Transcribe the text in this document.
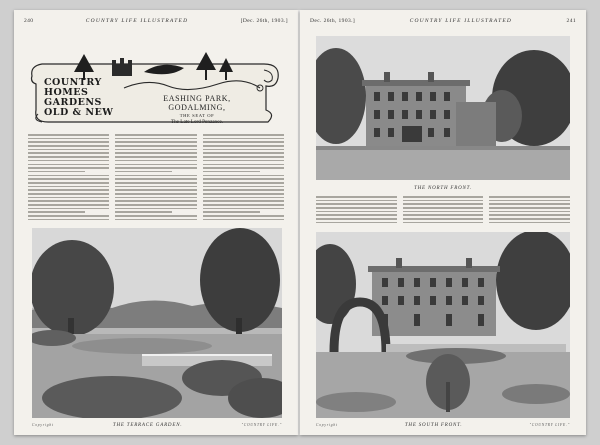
240	COUNTRY LIFE ILLUSTRATED	[Dec. 26th, 1903.]
COUNTRY
HOMES
GARDENS
OLD & NEW
EASHING PARK,
GODALMING,
THE SEAT OF
The Late Lord Penzance.
Copyright	THE TERRACE GARDEN.	"COUNTRY LIFE."
Dec. 26th, 1903.]	COUNTRY LIFE ILLUSTRATED	241
THE NORTH FRONT.
Copyright	THE SOUTH FRONT.	"COUNTRY LIFE."
